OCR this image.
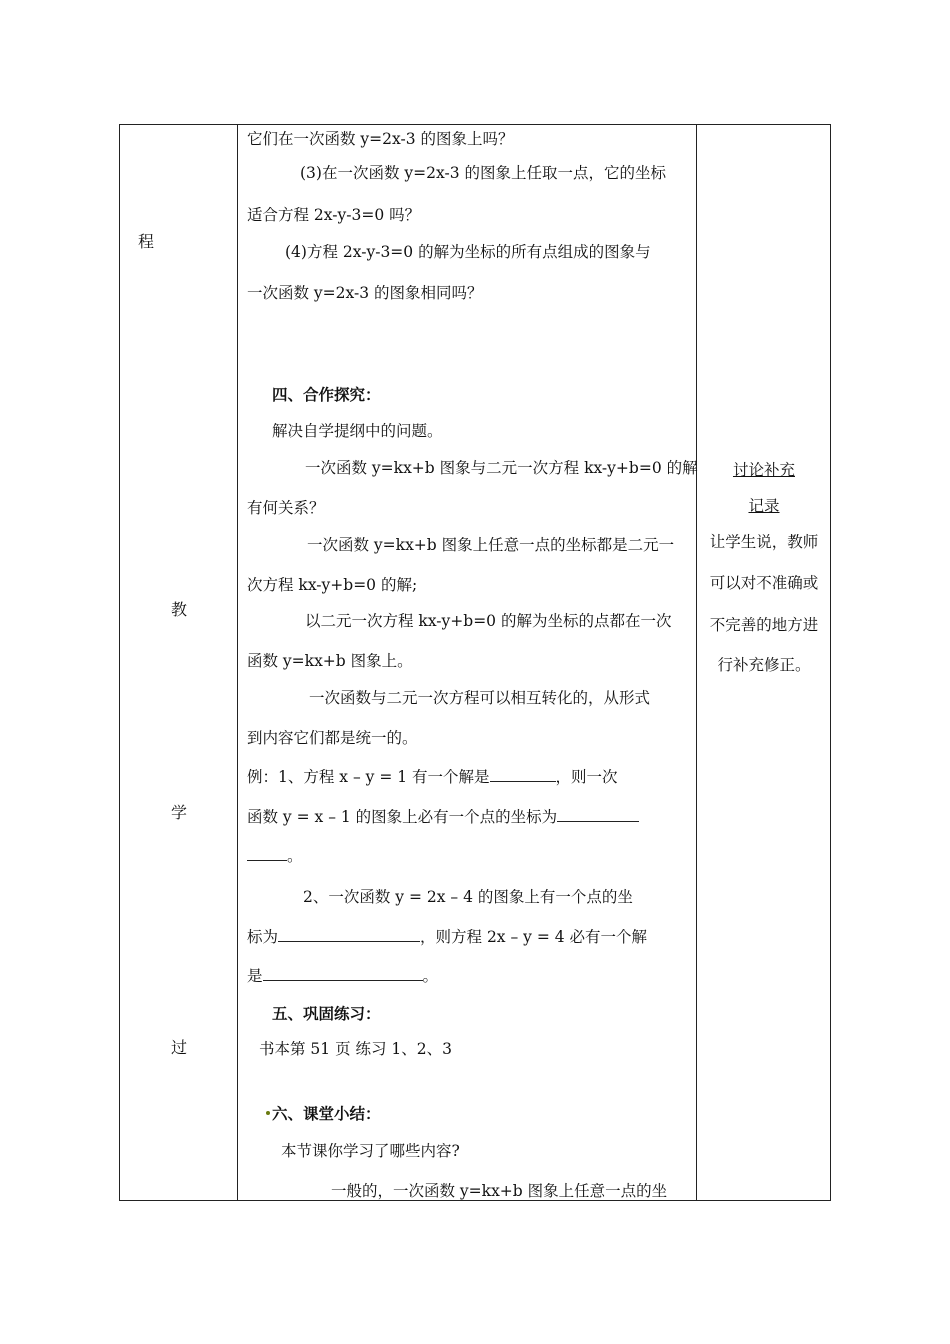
程
教
学
过
它们在一次函数 y=2x-3 的图象上吗？
(3)在一次函数 y=2x-3 的图象上任取一点，它的坐标
适合方程 2x-y-3=0 吗？
(4)方程 2x-y-3=0 的解为坐标的所有点组成的图象与
一次函数 y=2x-3 的图象相同吗？
四、合作探究：
解决自学提纲中的问题。
一次函数 y=kx+b 图象与二元一次方程 kx-y+b=0 的解
有何关系？
一次函数 y=kx+b 图象上任意一点的坐标都是二元一
次方程 kx-y+b=0 的解;
以二元一次方程 kx-y+b=0 的解为坐标的点都在一次
函数 y=kx+b 图象上。
一次函数与二元一次方程可以相互转化的，从形式
到内容它们都是统一的。
例：1、方程 x – y = 1 有一个解是	，则一次
函数 y = x – 1 的图象上必有一个点的坐标为
。
2、一次函数 y = 2x – 4 的图象上有一个点的坐
标为	，则方程 2x – y = 4 必有一个解
是	。
五、巩固练习：
书本第 51 页 练习 1、2、3
六、课堂小结：
本节课你学习了哪些内容?
一般的，一次函数 y=kx+b 图象上任意一点的坐
讨论补充
记录
让学生说，教师
可以对不准确或
不完善的地方进
行补充修正。
